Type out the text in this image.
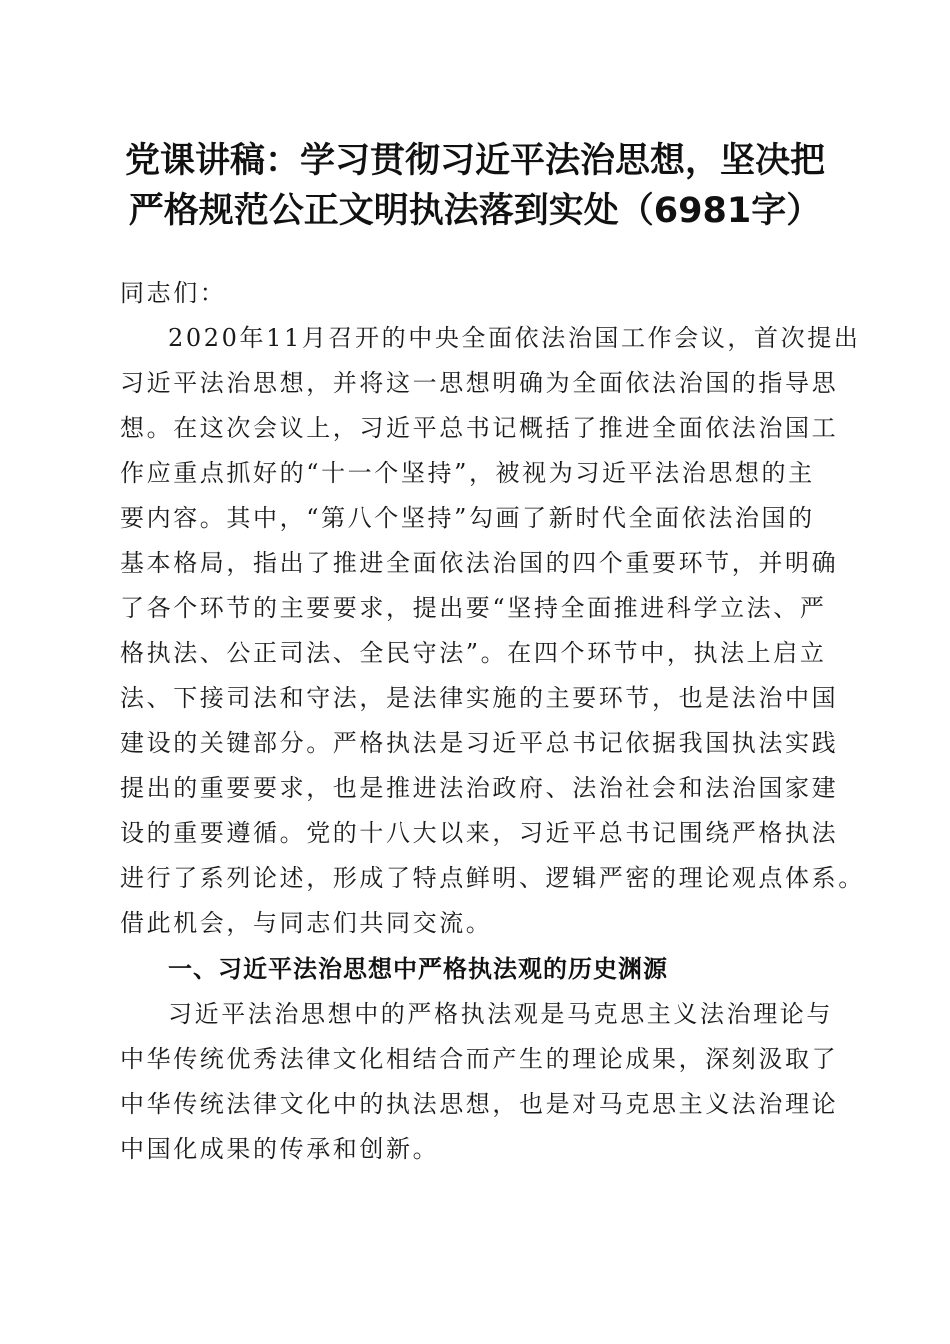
党课讲稿：学习贯彻习近平法治思想，坚决把
严格规范公正文明执法落到实处（6981字）

同志们：

2020年11月召开的中央全面依法治国工作会议，首次提出
习近平法治思想，并将这一思想明确为全面依法治国的指导思
想。在这次会议上，习近平总书记概括了推进全面依法治国工
作应重点抓好的“十一个坚持”，被视为习近平法治思想的主
要内容。其中，“第八个坚持”勾画了新时代全面依法治国的
基本格局，指出了推进全面依法治国的四个重要环节，并明确
了各个环节的主要要求，提出要“坚持全面推进科学立法、严
格执法、公正司法、全民守法”。在四个环节中，执法上启立
法、下接司法和守法，是法律实施的主要环节，也是法治中国
建设的关键部分。严格执法是习近平总书记依据我国执法实践
提出的重要要求，也是推进法治政府、法治社会和法治国家建
设的重要遵循。党的十八大以来，习近平总书记围绕严格执法
进行了系列论述，形成了特点鲜明、逻辑严密的理论观点体系。
借此机会，与同志们共同交流。
一、习近平法治思想中严格执法观的历史渊源
习近平法治思想中的严格执法观是马克思主义法治理论与
中华传统优秀法律文化相结合而产生的理论成果，深刻汲取了
中华传统法律文化中的执法思想，也是对马克思主义法治理论
中国化成果的传承和创新。
